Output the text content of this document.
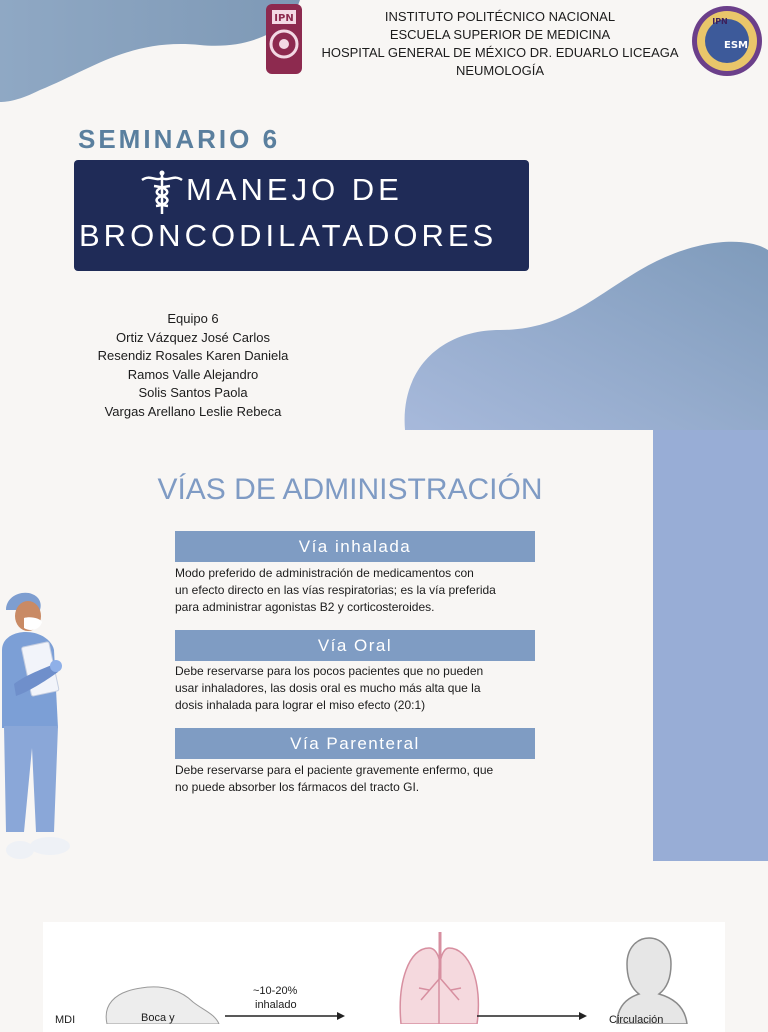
IPN	INSTITUTO POLITÉCNICO NACIONAL
ESCUELA SUPERIOR DE MEDICINA
HOSPITAL GENERAL DE MÉXICO DR. EDUARLO LICEAGA
NEUMOLOGÍA
ESM
IPN
SEMINARIO 6
MANEJO DE
BRONCODILATADORES
Equipo 6
Ortiz Vázquez José Carlos
Resendiz Rosales Karen Daniela
Ramos Valle Alejandro
Solis Santos Paola
Vargas Arellano Leslie Rebeca
VÍAS DE ADMINISTRACIÓN
Vía inhalada
Modo preferido de administración de medicamentos con
un efecto directo en las vías respiratorias; es la vía preferida
para administrar agonistas B2 y corticosteroides.
Vía Oral
Debe reservarse para los pocos pacientes que no pueden
usar inhaladores, las dosis oral es mucho más alta que la
dosis inhalada para lograr el miso efecto (20:1)
Vía Parenteral
Debe reservarse para el paciente gravemente enfermo, que
no puede absorber los fármacos del tracto GI.
MDI	Boca y
~10-20%
inhalado
Circulación
